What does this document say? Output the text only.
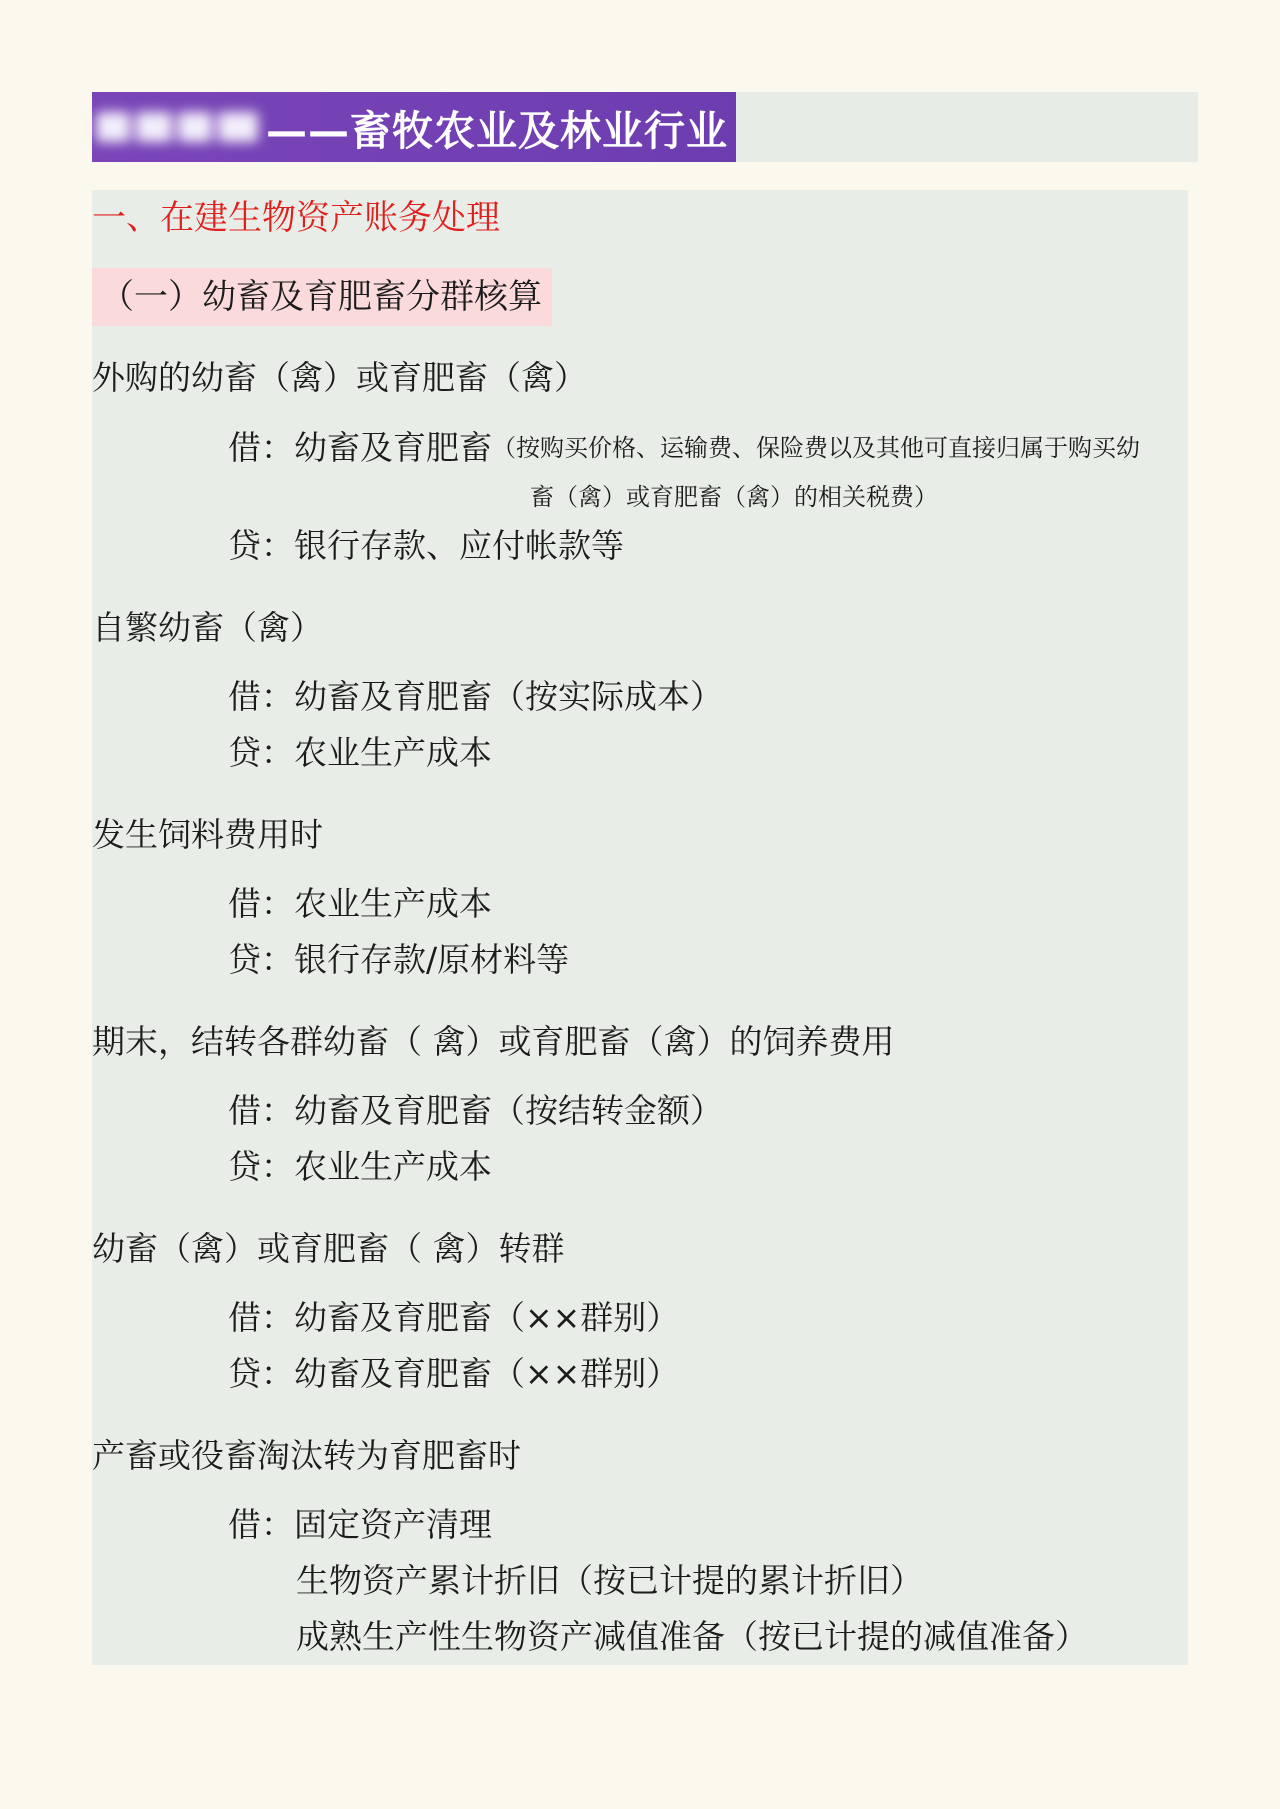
——畜牧农业及林业行业
一、在建生物资产账务处理
（一）幼畜及育肥畜分群核算
外购的幼畜（禽）或育肥畜（禽）
借：幼畜及育肥畜（按购买价格、运输费、保险费以及其他可直接归属于购买幼
畜（禽）或育肥畜（禽）的相关税费）
贷：银行存款、应付帐款等
自繁幼畜（禽）
借：幼畜及育肥畜（按实际成本）
贷：农业生产成本
发生饲料费用时
借：农业生产成本
贷：银行存款/原材料等
期末，结转各群幼畜（ 禽）或育肥畜（禽）的饲养费用
借：幼畜及育肥畜（按结转金额）
贷：农业生产成本
幼畜（禽）或育肥畜（ 禽）转群
借：幼畜及育肥畜（××群别）
贷：幼畜及育肥畜（××群别）
产畜或役畜淘汰转为育肥畜时
借：固定资产清理
生物资产累计折旧（按已计提的累计折旧）
成熟生产性生物资产减值准备（按已计提的减值准备）
